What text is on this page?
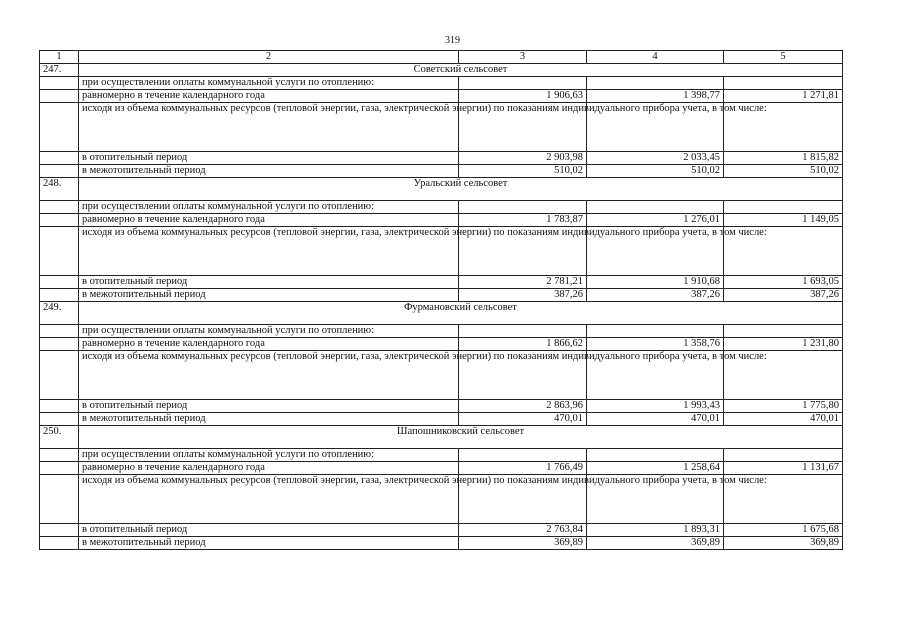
319
1	2	3	4	5
247.	Советский сельсовет			
	при осуществлении оплаты коммунальной услуги по отоплению:			
	равномерно в течение календарного года	1 906,63	1 398,77	1 271,81
	исходя из объема коммунальных ресурсов (тепловой энергии, газа, электрической энергии) по показаниям индивидуального прибора учета, в том числе:			
	в отопительный период	2 903,98	2 033,45	1 815,82
	в межотопительный период	510,02	510,02	510,02
248.	Уральский сельсовет			
	при осуществлении оплаты коммунальной услуги по отоплению:			
	равномерно в течение календарного года	1 783,87	1 276,01	1 149,05
	исходя из объема коммунальных ресурсов (тепловой энергии, газа, электрической энергии) по показаниям индивидуального прибора учета, в том числе:			
	в отопительный период	2 781,21	1 910,68	1 693,05
	в межотопительный период	387,26	387,26	387,26
249.	Фурмановский сельсовет			
	при осуществлении оплаты коммунальной услуги по отоплению:			
	равномерно в течение календарного года	1 866,62	1 358,76	1 231,80
	исходя из объема коммунальных ресурсов (тепловой энергии, газа, электрической энергии) по показаниям индивидуального прибора учета, в том числе:			
	в отопительный период	2 863,96	1 993,43	1 775,80
	в межотопительный период	470,01	470,01	470,01
250.	Шапошниковский сельсовет			
	при осуществлении оплаты коммунальной услуги по отоплению:			
	равномерно в течение календарного года	1 766,49	1 258,64	1 131,67
	исходя из объема коммунальных ресурсов (тепловой энергии, газа, электрической энергии) по показаниям индивидуального прибора учета, в том числе:			
	в отопительный период	2 763,84	1 893,31	1 675,68
	в межотопительный период	369,89	369,89	369,89
